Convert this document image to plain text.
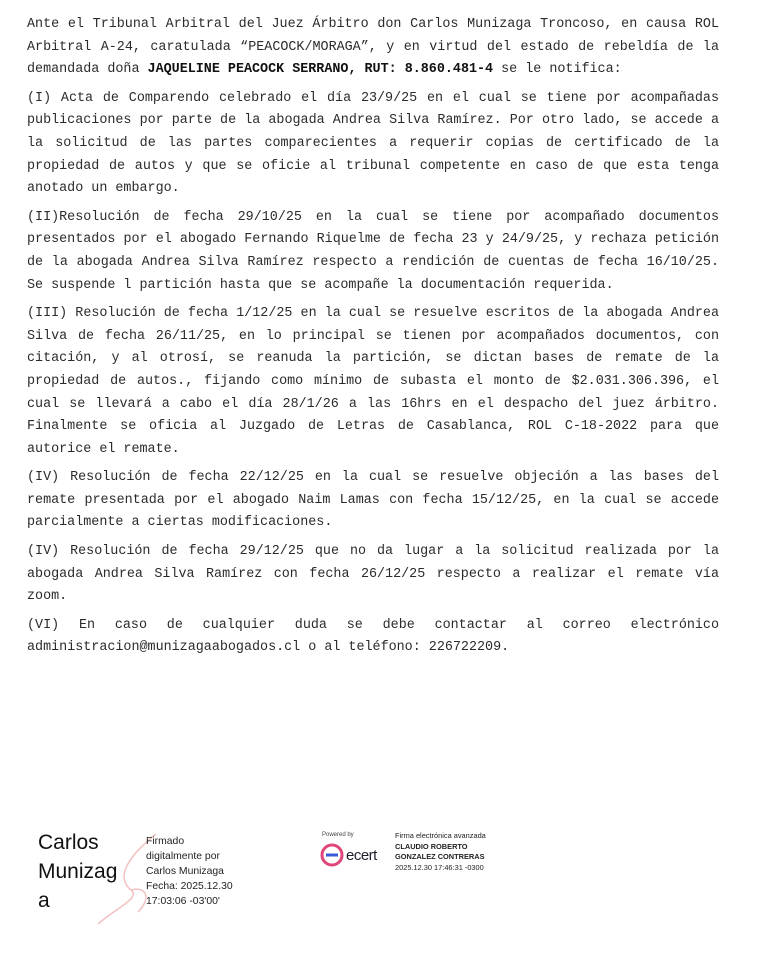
Ante el Tribunal Arbitral del Juez Árbitro don Carlos Munizaga Troncoso, en causa ROL Arbitral A-24, caratulada “PEACOCK/MORAGA”, y en virtud del estado de rebeldía de la demandada doña JAQUELINE PEACOCK SERRANO, RUT: 8.860.481-4 se le notifica:

(I) Acta de Comparendo celebrado el día 23/9/25 en el cual se tiene por acompañadas publicaciones por parte de la abogada Andrea Silva Ramírez. Por otro lado, se accede a la solicitud de las partes comparecientes a requerir copias de certificado de la propiedad de autos y que se oficie al tribunal competente en caso de que esta tenga anotado un embargo.

(II)Resolución de fecha 29/10/25 en la cual se tiene por acompañado documentos presentados por el abogado Fernando Riquelme de fecha 23 y 24/9/25, y rechaza petición de la abogada Andrea Silva Ramírez respecto a rendición de cuentas de fecha 16/10/25. Se suspende l partición hasta que se acompañe la documentación requerida.

(III) Resolución de fecha 1/12/25 en la cual se resuelve escritos de la abogada Andrea Silva de fecha 26/11/25, en lo principal se tienen por acompañados documentos, con citación, y al otrosí, se reanuda la partición, se dictan bases de remate de la propiedad de autos., fijando como mínimo de subasta el monto de $2.031.306.396, el cual se llevará a cabo el día 28/1/26 a las 16hrs en el despacho del juez árbitro. Finalmente se oficia al Juzgado de Letras de Casablanca, ROL C-18-2022 para que autorice el remate.

(IV) Resolución de fecha 22/12/25 en la cual se resuelve objeción a las bases del remate presentada por el abogado Naim Lamas con fecha 15/12/25, en la cual se accede parcialmente a ciertas modificaciones.

(IV) Resolución de fecha 29/12/25 que no da lugar a la solicitud realizada por la abogada Andrea Silva Ramírez con fecha 26/12/25 respecto a realizar el remate vía zoom.

(VI) En caso de cualquier duda se debe contactar al correo electrónico administracion@munizagaabogados.cl o al teléfono: 226722209.

Carlos
Munizag
a
Firmado
digitalmente por
Carlos Munizaga
Fecha: 2025.12.30
17:03:06 -03'00'
Powered by
ecert
Firma electrónica avanzada
CLAUDIO ROBERTO
GONZALEZ CONTRERAS
2025.12.30 17:46:31 -0300
